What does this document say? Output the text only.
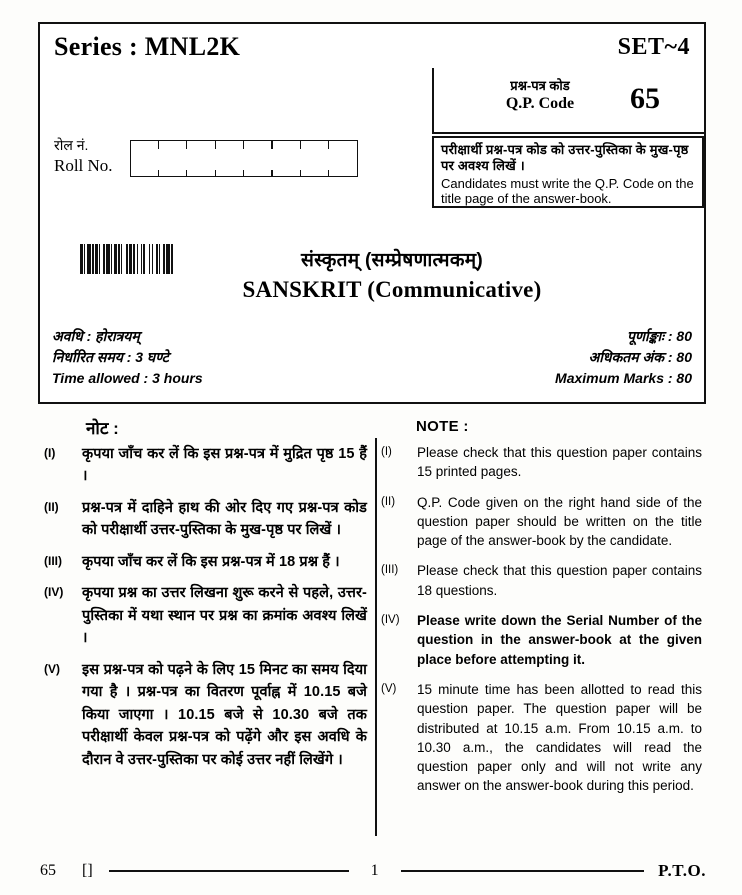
Series : MNL2K	SET~4
प्रश्न-पत्र कोड
Q.P. Code	65
रोल नं.
Roll No.
परीक्षार्थी प्रश्न-पत्र कोड को उत्तर-पुस्तिका के मुख-पृष्ठ पर अवश्य लिखें ।
Candidates must write the Q.P. Code on the title page of the answer-book.
संस्कृतम् (सम्प्रेषणात्मकम्)
SANSKRIT (Communicative)
अवधि : होरात्रयम्	पूर्णाङ्काः : 80
निर्धारित समय : 3 घण्टे	अधिकतम अंक : 80
Time allowed : 3 hours	Maximum Marks : 80
नोट :	NOTE :
(I)	कृपया जाँच कर लें कि इस प्रश्न-पत्र में मुद्रित पृष्ठ 15 हैं ।
(II)	प्रश्न-पत्र में दाहिने हाथ की ओर दिए गए प्रश्न-पत्र कोड को परीक्षार्थी उत्तर-पुस्तिका के मुख-पृष्ठ पर लिखें ।
(III)	कृपया जाँच कर लें कि इस प्रश्न-पत्र में 18 प्रश्न हैं ।
(IV)	कृपया प्रश्न का उत्तर लिखना शुरू करने से पहले, उत्तर-पुस्तिका में यथा स्थान पर प्रश्न का क्रमांक अवश्य लिखें ।
(V)	इस प्रश्न-पत्र को पढ़ने के लिए 15 मिनट का समय दिया गया है । प्रश्न-पत्र का वितरण पूर्वाह्न में 10.15 बजे किया जाएगा । 10.15 बजे से 10.30 बजे तक परीक्षार्थी केवल प्रश्न-पत्र को पढ़ेंगे और इस अवधि के दौरान वे उत्तर-पुस्तिका पर कोई उत्तर नहीं लिखेंगे ।
(I)	Please check that this question paper contains 15 printed pages.
(II)	Q.P. Code given on the right hand side of the question paper should be written on the title page of the answer-book by the candidate.
(III)	Please check that this question paper contains 18 questions.
(IV)	Please write down the Serial Number of the question in the answer-book at the given place before attempting it.
(V)	15 minute time has been allotted to read this question paper. The question paper will be distributed at 10.15 a.m. From 10.15 a.m. to 10.30 a.m., the candidates will read the question paper only and will not write any answer on the answer-book during this period.
65 []	1	P.T.O.
